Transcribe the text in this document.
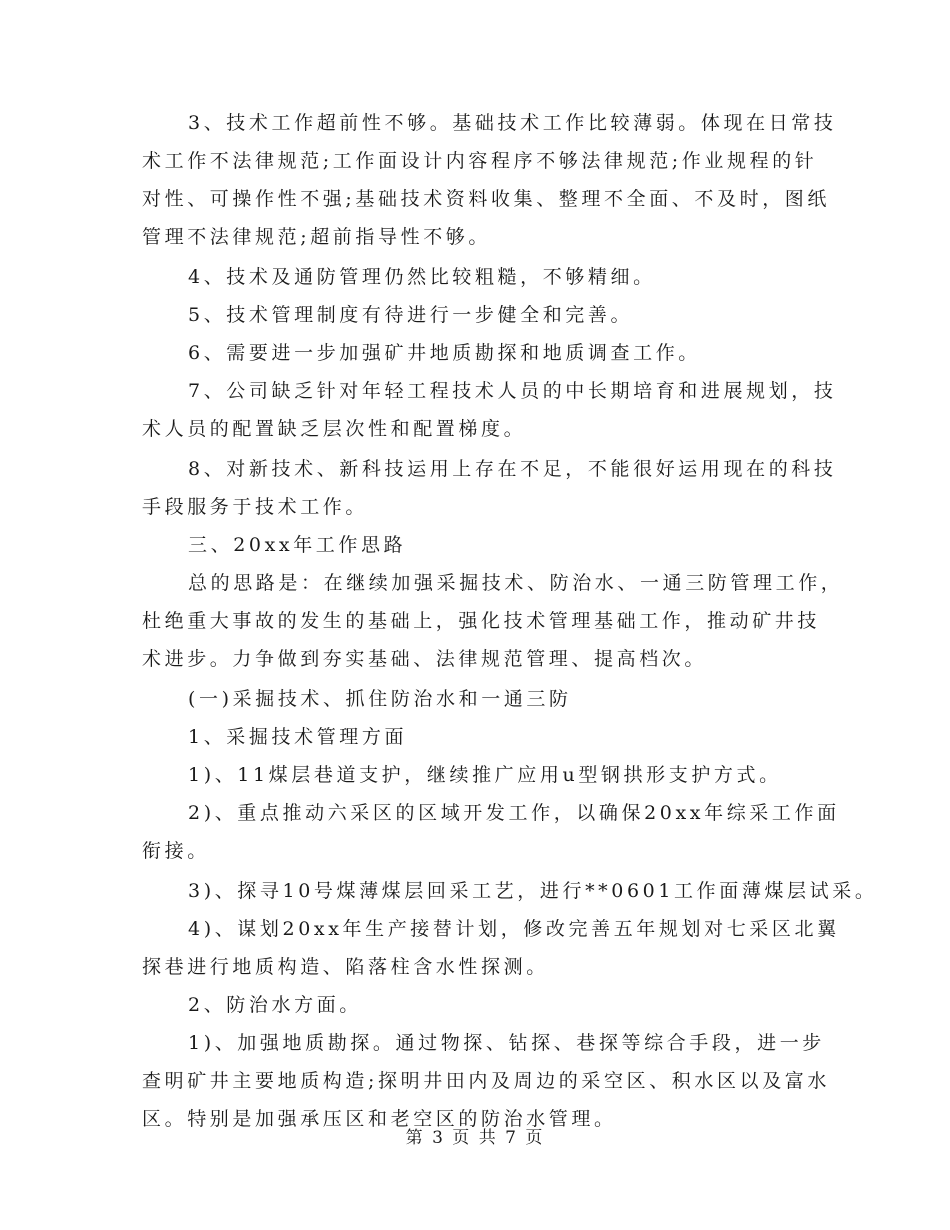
3、技术工作超前性不够。基础技术工作比较薄弱。体现在日常技
术工作不法律规范;工作面设计内容程序不够法律规范;作业规程的针
对性、可操作性不强;基础技术资料收集、整理不全面、不及时，图纸
管理不法律规范;超前指导性不够。
4、技术及通防管理仍然比较粗糙，不够精细。
5、技术管理制度有待进行一步健全和完善。
6、需要进一步加强矿井地质勘探和地质调查工作。
7、公司缺乏针对年轻工程技术人员的中长期培育和进展规划，技
术人员的配置缺乏层次性和配置梯度。
8、对新技术、新科技运用上存在不足，不能很好运用现在的科技
手段服务于技术工作。
三、20xx年工作思路
总的思路是：在继续加强采掘技术、防治水、一通三防管理工作，
杜绝重大事故的发生的基础上，强化技术管理基础工作，推动矿井技
术进步。力争做到夯实基础、法律规范管理、提高档次。
(一)采掘技术、抓住防治水和一通三防
1、采掘技术管理方面
1)、11煤层巷道支护，继续推广应用u型钢拱形支护方式。
2)、重点推动六采区的区域开发工作，以确保20xx年综采工作面
衔接。
3)、探寻10号煤薄煤层回采工艺，进行**0601工作面薄煤层试采。
4)、谋划20xx年生产接替计划，修改完善五年规划对七采区北翼
探巷进行地质构造、陷落柱含水性探测。
2、防治水方面。
1)、加强地质勘探。通过物探、钻探、巷探等综合手段，进一步
查明矿井主要地质构造;探明井田内及周边的采空区、积水区以及富水
区。特别是加强承压区和老空区的防治水管理。
第 3 页 共 7 页
